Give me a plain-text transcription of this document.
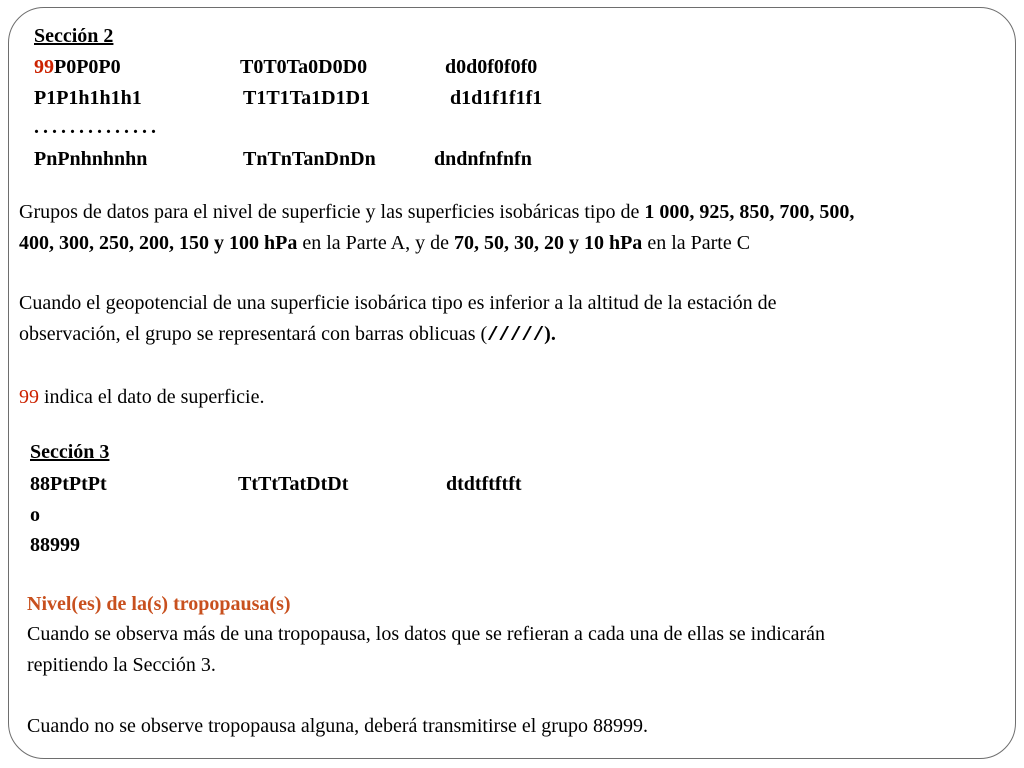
Sección 2
99P0P0P0	T0T0Ta0D0D0	d0d0f0f0f0
P1P1h1h1h1	T1T1Ta1D1D1	d1d1f1f1f1
..............
PnPnhnhnhn	TnTnTanDnDn	dndnfnfnfn
Grupos de datos para el nivel de superficie y las superficies isobáricas tipo de 1 000, 925, 850, 700, 500,
400, 300, 250, 200, 150 y 100 hPa en la Parte A, y de 70, 50, 30, 20 y 10 hPa en la Parte C
Cuando el geopotencial de una superficie isobárica tipo es inferior a la altitud de la estación de
observación, el grupo se representará con barras oblicuas (/////).
99 indica el dato de superficie.
Sección 3
88PtPtPt	TtTtTatDtDt	dtdtftftft
o
88999
Nivel(es) de la(s) tropopausa(s)
Cuando se observa más de una tropopausa, los datos que se refieran a cada una de ellas se indicarán
repitiendo la Sección 3.
Cuando no se observe tropopausa alguna, deberá transmitirse el grupo 88999.
